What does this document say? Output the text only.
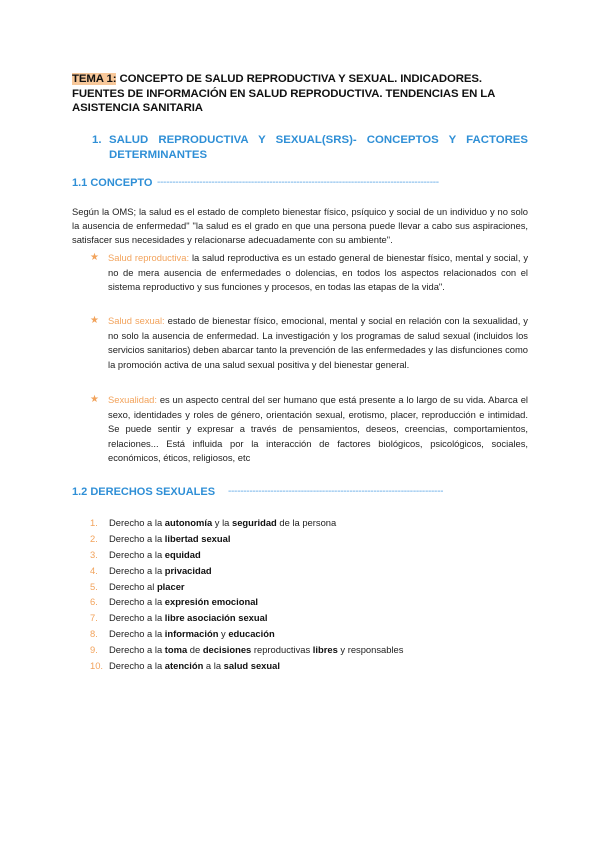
TEMA 1: CONCEPTO DE SALUD REPRODUCTIVA Y SEXUAL. INDICADORES.
FUENTES DE INFORMACIÓN EN SALUD REPRODUCTIVA. TENDENCIAS EN LA
ASISTENCIA SANITARIA
1. SALUD REPRODUCTIVA Y SEXUAL(SRS)- CONCEPTOS Y FACTORES DETERMINANTES
1.1 CONCEPTO ---------------------------------------------------------------------------------------------
Según la OMS; la salud es el estado de completo bienestar físico, psíquico y social de un individuo y no solo la ausencia de enfermedad" "la salud es el grado en que una persona puede llevar a cabo sus aspiraciones, satisfacer sus necesidades y relacionarse adecuadamente con su ambiente".
★ Salud reproductiva: la salud reproductiva es un estado general de bienestar físico, mental y social, y no de mera ausencia de enfermedades o dolencias, en todos los aspectos relacionados con el sistema reproductivo y sus funciones y procesos, en todas las etapas de la vida".
★ Salud sexual: estado de bienestar físico, emocional, mental y social en relación con la sexualidad, y no solo la ausencia de enfermedad. La investigación y los programas de salud sexual (incluidos los servicios sanitarios) deben abarcar tanto la prevención de las enfermedades y las disfunciones como la promoción activa de una salud sexual positiva y del bienestar general.
★ Sexualidad: es un aspecto central del ser humano que está presente a lo largo de su vida. Abarca el sexo, identidades y roles de género, orientación sexual, erotismo, placer, reproducción e intimidad. Se puede sentir y expresar a través de pensamientos, deseos, creencias, comportamientos, relaciones... Está influida por la interacción de factores biológicos, psicológicos, sociales, económicos, éticos, religiosos, etc
1.2 DERECHOS SEXUALES -----------------------------------------------------------------------
1. Derecho a la autonomía y la seguridad de la persona
2. Derecho a la libertad sexual
3. Derecho a la equidad
4. Derecho a la privacidad
5. Derecho al placer
6. Derecho a la expresión emocional
7. Derecho a la libre asociación sexual
8. Derecho a la información y educación
9. Derecho a la toma de decisiones reproductivas libres y responsables
10. Derecho a la atención a la salud sexual
